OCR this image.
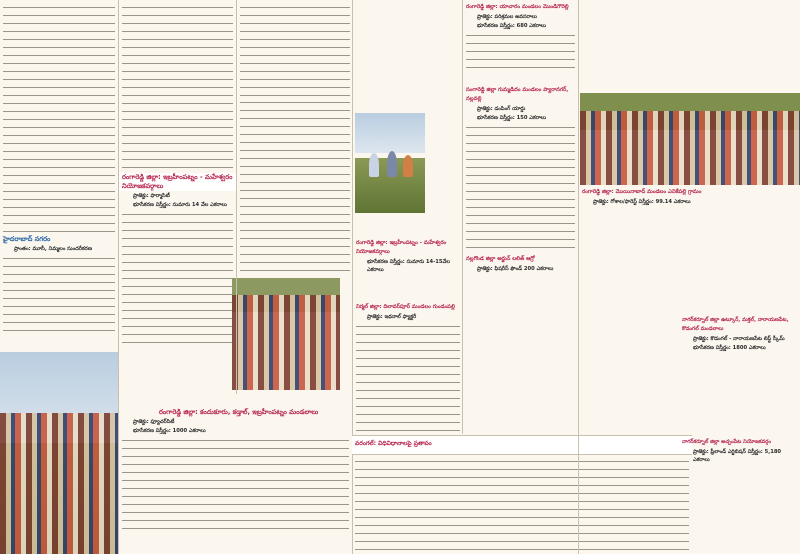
హైదరాబాద్ నగరం
ప్రాంతం: మూసీ, నిమ్మలం సుందరీకరణ
రంగారెడ్డి జిల్లా: ఇబ్రహీంపట్నం - మహేశ్వరం నియోజకవర్గాలు
ప్రాజెక్టు: ఫార్మాసిటీ
భూసేకరణ విస్తీర్ణం: సుమారు 14 వేల ఎకరాలు
రంగారెడ్డి జిల్లా: కందుకూరు, కడ్తాల్, ఇబ్రహీంపట్నం మండలాలు
ప్రాజెక్టు: ఫ్యూచర్‌సిటీ
భూసేకరణ విస్తీర్ణం: 1000 ఎకరాలు
రంగారెడ్డి జిల్లా: ఇబ్రహీంపట్నం - మహేశ్వరం నియోజకవర్గాలు
భూసేకరణ విస్తీర్ణం: సుమారు 14-15వేల ఎకరాలు
నిర్మల్ జిల్లా: దిలావర్‌పూర్ మండలం గుండంపల్లి
ప్రాజెక్టు: ఇథనాల్ ఫ్యాక్టరీ
వరంగల్: విధివిధానాలపై ప్రతాపం
రంగారెడ్డి జిల్లా: యాచారం మండలం మొండిగౌరెల్లి
ప్రాజెక్టు: పరిశ్రమల అవసరాలు
భూసేకరణ విస్తీర్ణం: 680 ఎకరాలు
సంగారెడ్డి జిల్లా గుమ్మడిదం మండలం ప్యారానగర్, నల్లవల్లి
ప్రాజెక్టు: డంపింగ్ యార్డు
భూసేకరణ విస్తీర్ణం: 150 ఎకరాలు
నల్లగొండ జిల్లా అర్జున్ లలిత్ ఆగ్రో
ప్రాజెక్టు: ఫిషరీస్ ఫౌండ్ 200 ఎకరాలు
రంగారెడ్డి జిల్లా: మొయినాబాద్ మండలం ఎనికేపల్లి గ్రామం
ప్రాజెక్టు: గోశాల/ఫారెస్ట్ విస్తీర్ణం: 99.14 ఎకరాలు
నాగర్‌కర్నూల్ జిల్లా ఉట్కూర్, మక్తల్, నారాయణపేట, కొడంగల్ మండలాలు
ప్రాజెక్టు: కొడంగల్ - నారాయణపేట లిఫ్ట్ స్కీమ్
భూసేకరణ విస్తీర్ణం: 1800 ఎకరాలు
నాగర్‌కర్నూల్ జిల్లా అచ్చంపేట నియోజకవర్గం
ప్రాజెక్టు: ఫ్రీలాండ్ ఎగ్జిబిషన్ విస్తీర్ణం: 5,180 ఎకరాలు
